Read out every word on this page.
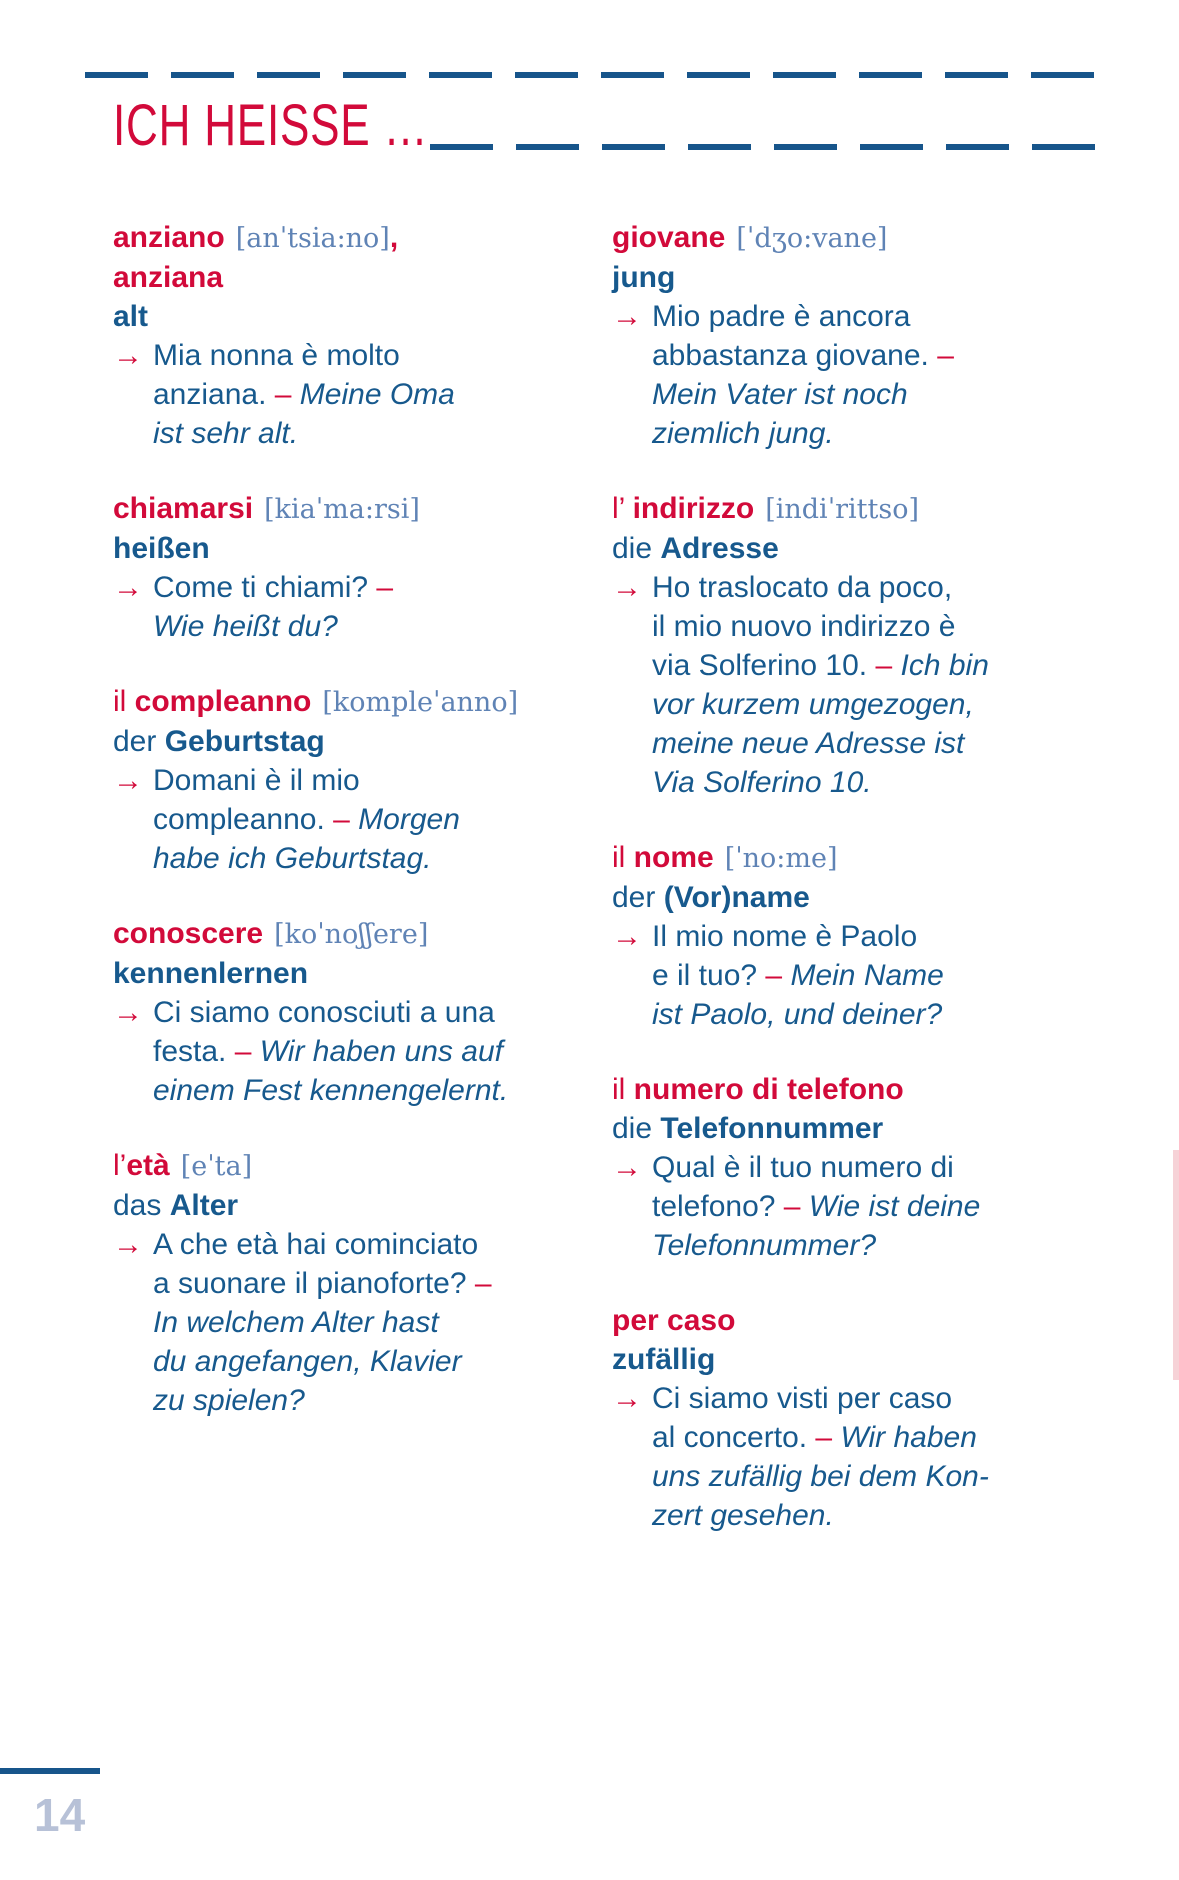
ICH HEISSE …
anziano [anˈtsia:no],
anziana
alt
→ Mia nonna è molto
anziana. – Meine Oma
ist sehr alt.
chiamarsi [kiaˈma:rsi]
heißen
→ Come ti chiami? –
Wie heißt du?
il compleanno [kompleˈanno]
der Geburtstag
→ Domani è il mio
compleanno. – Morgen
habe ich Geburtstag.
conoscere [koˈnoʃʃere]
kennenlernen
→ Ci siamo conosciuti a una
festa. – Wir haben uns auf
einem Fest kennengelernt.
l’età [eˈta]
das Alter
→ A che età hai cominciato
a suonare il pianoforte? –
In welchem Alter hast
du angefangen, Klavier
zu spielen?
giovane [ˈdʒo:vane]
jung
→ Mio padre è ancora
abbastanza giovane. –
Mein Vater ist noch
ziemlich jung.
l’ indirizzo [indiˈrittso]
die Adresse
→ Ho traslocato da poco,
il mio nuovo indirizzo è
via Solferino 10. – Ich bin
vor kurzem umgezogen,
meine neue Adresse ist
Via Solferino 10.
il nome [ˈno:me]
der (Vor)name
→ Il mio nome è Paolo
e il tuo? – Mein Name
ist Paolo, und deiner?
il numero di telefono
die Telefonnummer
→ Qual è il tuo numero di
telefono? – Wie ist deine
Telefonnummer?
per caso
zufällig
→ Ci siamo visti per caso
al concerto. – Wir haben
uns zufällig bei dem Kon-
zert gesehen.
14
